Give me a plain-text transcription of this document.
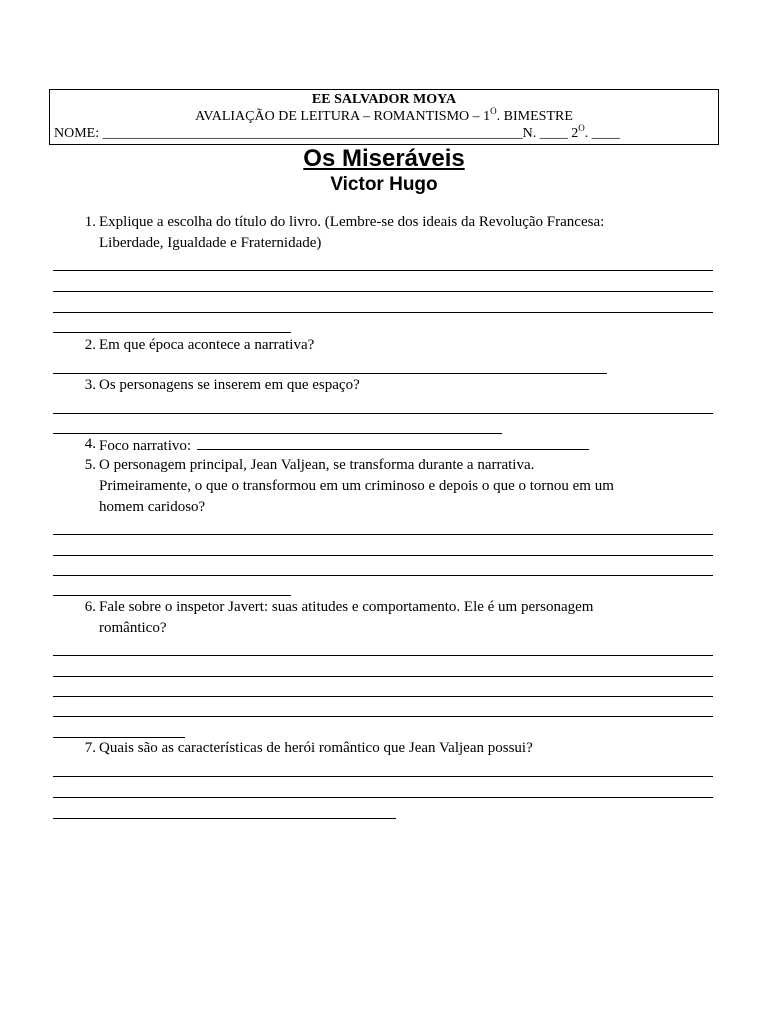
EE SALVADOR MOYA
AVALIAÇÃO DE LEITURA – ROMANTISMO – $1^O$. BIMESTRE
NOME: ____________________________________________________________N. ____ $2^O$. ____
Os Miseráveis
Victor Hugo
1. Explique a escolha do título do livro. (Lembre-se dos ideais da Revolução Francesa:
Liberdade, Igualdade e Fraternidade)
2. Em que época acontece a narrativa?
3. Os personagens se inserem em que espaço?
4. Foco narrativo:
5. O personagem principal, Jean Valjean, se transforma durante a narrativa.
Primeiramente, o que o transformou em um criminoso e depois o que o tornou em um
homem caridoso?
6. Fale sobre o inspetor Javert: suas atitudes e comportamento. Ele é um personagem
romântico?
7. Quais são as características de herói romântico que Jean Valjean possui?
